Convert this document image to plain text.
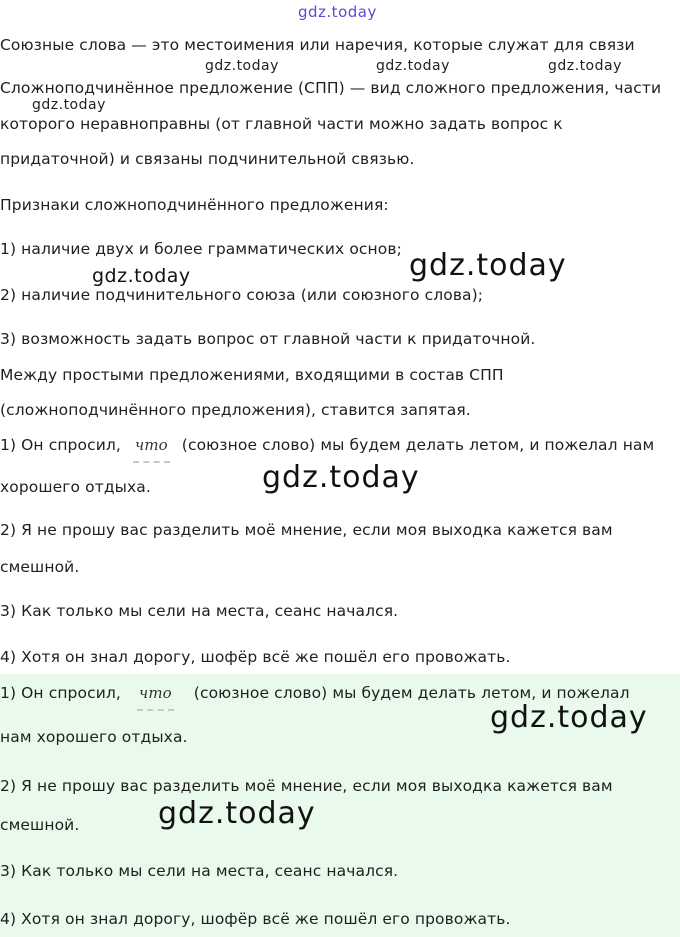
gdz.today
gdz.today	gdz.today	gdz.today
gdz.today
gdz.today	gdz.today
gdz.today
gdz.today
gdz.today
Союзные слова — это местоимения или наречия, которые служат для связи
Сложноподчинённое предложение (СПП) — вид сложного предложения, части
которого неравноправны (от главной части можно задать вопрос к
придаточной) и связаны подчинительной связью.
Признаки сложноподчинённого предложения:
1) наличие двух и более грамматических основ;
2) наличие подчинительного союза (или союзного слова);
3) возможность задать вопрос от главной части к придаточной.
Между простыми предложениями, входящими в состав СПП
(сложноподчинённого предложения), ставится запятая.
1) Он спросил, что (союзное слово) мы будем делать летом, и пожелал нам
хорошего отдыха.
2) Я не прошу вас разделить моё мнение, если моя выходка кажется вам
смешной.
3) Как только мы сели на места, сеанс начался.
4) Хотя он знал дорогу, шофёр всё же пошёл его провожать.
1) Он спросил, что (союзное слово) мы будем делать летом, и пожелал
нам хорошего отдыха.
2) Я не прошу вас разделить моё мнение, если моя выходка кажется вам
смешной.
3) Как только мы сели на места, сеанс начался.
4) Хотя он знал дорогу, шофёр всё же пошёл его провожать.
